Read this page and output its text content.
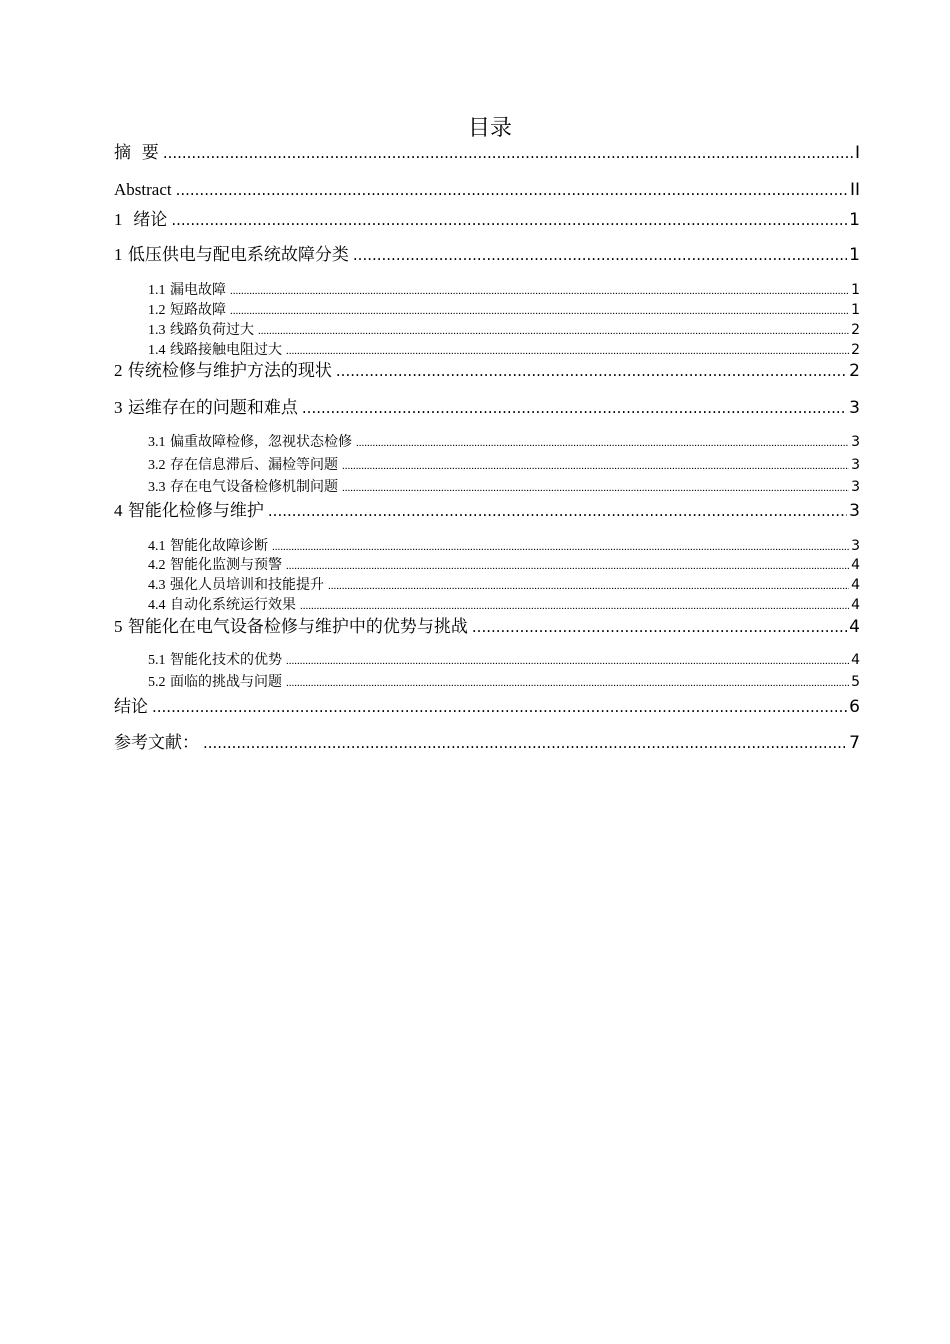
目录
摘  要 .....	I
Abstract .....	II
1  绪论 .....	1
1 低压供电与配电系统故障分类 .....	1
1.1 漏电故障 .....	1
1.2 短路故障 .....	1
1.3 线路负荷过大 .....	2
1.4 线路接触电阻过大 .....	2
2 传统检修与维护方法的现状 .....	2
3 运维存在的问题和难点 .....	3
3.1 偏重故障检修，忽视状态检修 .....	3
3.2 存在信息滞后、漏检等问题 .....	3
3.3 存在电气设备检修机制问题 .....	3
4 智能化检修与维护 .....	3
4.1 智能化故障诊断 .....	3
4.2 智能化监测与预警 .....	4
4.3 强化人员培训和技能提升 .....	4
4.4 自动化系统运行效果 .....	4
5 智能化在电气设备检修与维护中的优势与挑战 .....	4
5.1 智能化技术的优势 .....	4
5.2 面临的挑战与问题 .....	5
结论 .....	6
参考文献： .....	7
